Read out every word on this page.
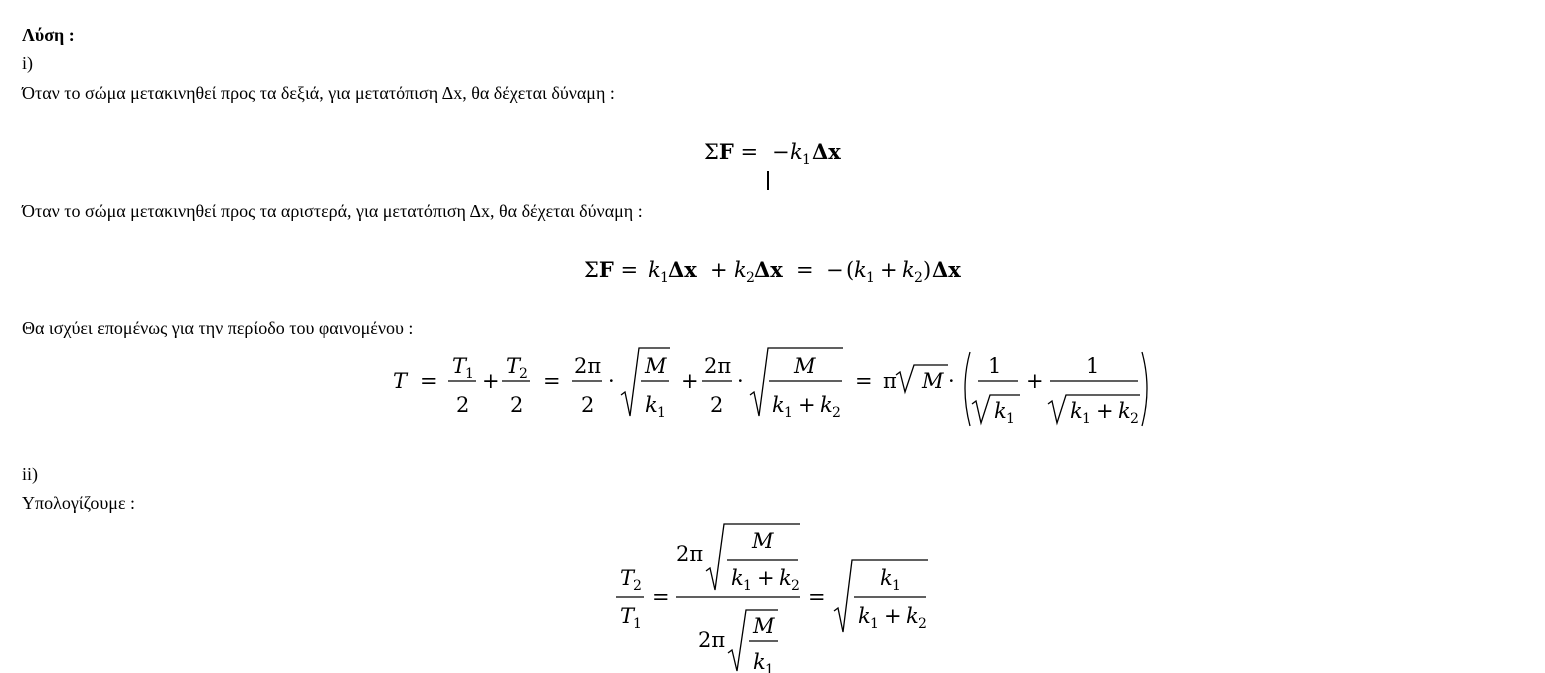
Λύση :
i)
Όταν το σώμα μετακινηθεί προς τα δεξιά, για μετατόπιση Δx, θα δέχεται δύναμη :
ΣF = − k 1 Δx
Όταν το σώμα μετακινηθεί προς τα αριστερά, για μετατόπιση Δx, θα δέχεται δύναμη :
ΣF = k 1 Δx + k 2 Δx = − ( k 1 + k 2 ) Δx
Θα ισχύει επομένως για την περίοδο του φαινομένου :
T =
T
1
2
+
T
2
2
=
2π
2
·
M
k 1
+
2π
2
·
M
k 1 + k 2
= π M ·
1
k 1
+
1
k 1 + k 2
ii)
Υπολογίζουμε :
T
2
T
1
=
2π
M
k 1 + k 2
2π
M
k 1
=
k 1
k 1 + k 2
